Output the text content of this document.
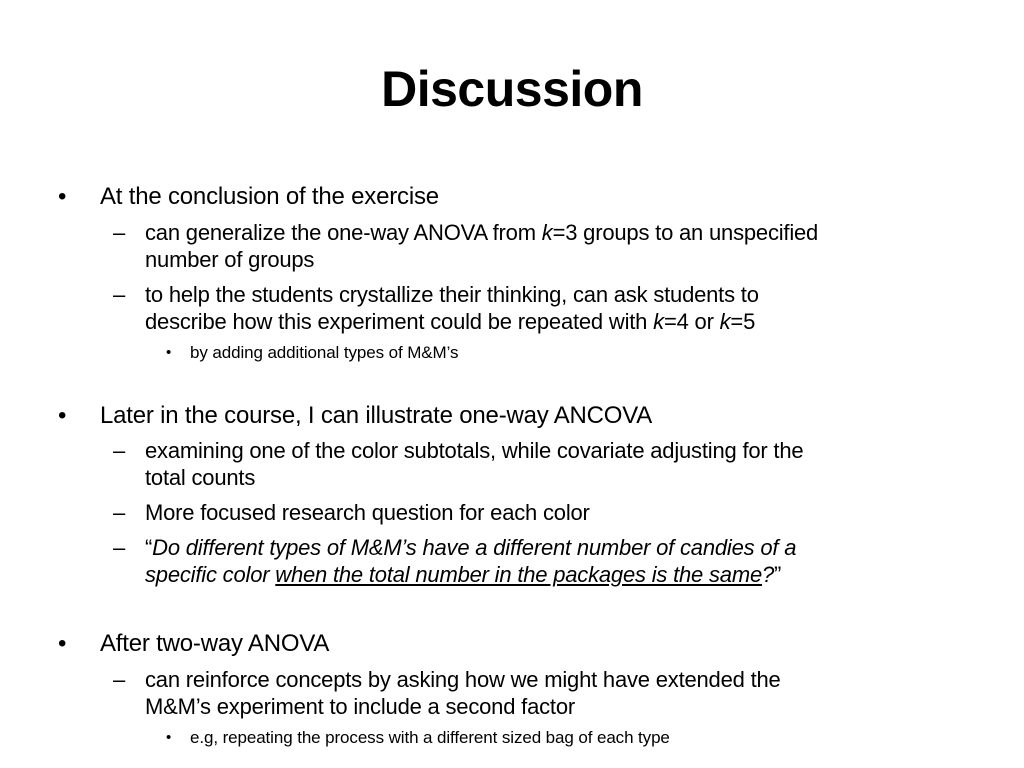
Discussion
• At the conclusion of the exercise
– can generalize the one-way ANOVA from k=3 groups to an unspecified
number of groups
– to help the students crystallize their thinking, can ask students to
describe how this experiment could be repeated with k=4 or k=5
• by adding additional types of M&M’s
• Later in the course, I can illustrate one-way ANCOVA
– examining one of the color subtotals, while covariate adjusting for the
total counts
– More focused research question for each color
– “Do different types of M&M’s have a different number of candies of a
specific color when the total number in the packages is the same?”
• After two-way ANOVA
– can reinforce concepts by asking how we might have extended the
M&M’s experiment to include a second factor
• e.g, repeating the process with a different sized bag of each type
